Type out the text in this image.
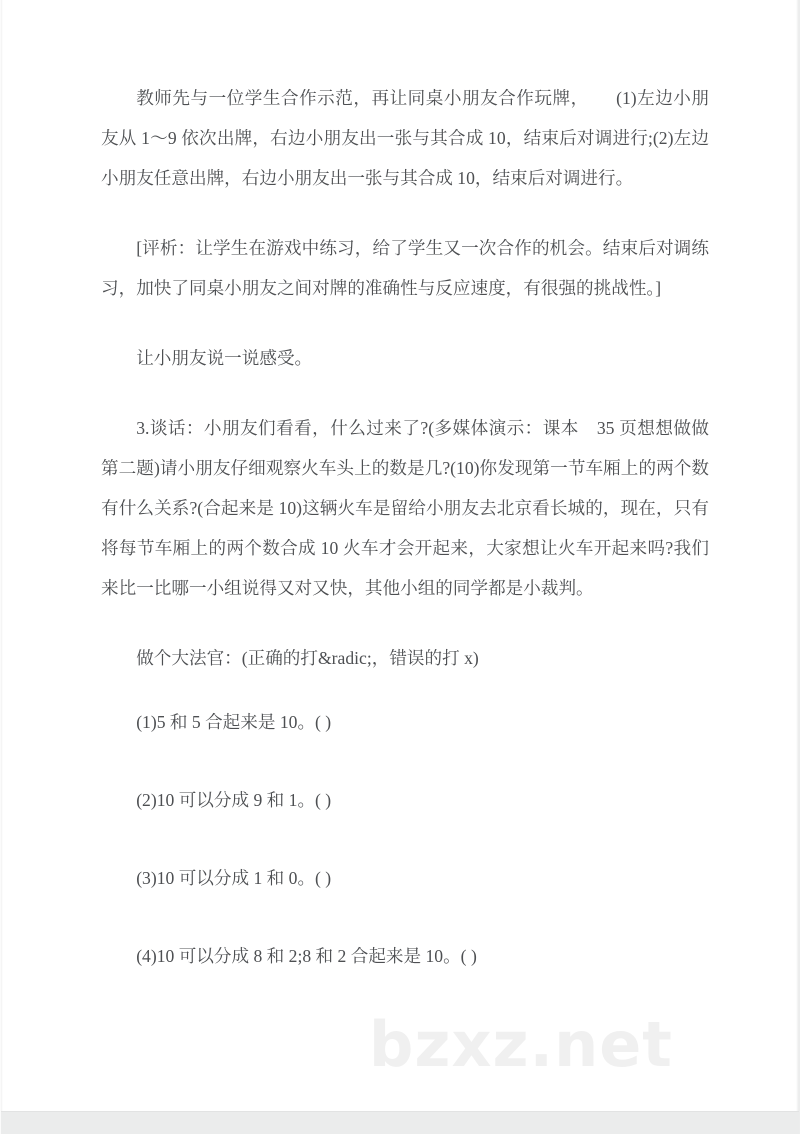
教师先与一位学生合作示范，再让同桌小朋友合作玩牌，　　(1)左边小朋友从 1～9 依次出牌，右边小朋友出一张与其合成 10，结束后对调进行;(2)左边小朋友任意出牌，右边小朋友出一张与其合成 10，结束后对调进行。

[评析：让学生在游戏中练习，给了学生又一次合作的机会。结束后对调练习，加快了同桌小朋友之间对牌的准确性与反应速度，有很强的挑战性。]

让小朋友说一说感受。

3.谈话：小朋友们看看，什么过来了?(多媒体演示：课本　35 页想想做做第二题)请小朋友仔细观察火车头上的数是几?(10)你发现第一节车厢上的两个数有什么关系?(合起来是 10)这辆火车是留给小朋友去北京看长城的，现在，只有将每节车厢上的两个数合成 10 火车才会开起来，大家想让火车开起来吗?我们来比一比哪一小组说得又对又快，其他小组的同学都是小裁判。

做个大法官：(正确的打&radic;，错误的打 x)

(1)5 和 5 合起来是 10。( )

(2)10 可以分成 9 和 1。( )

(3)10 可以分成 1 和 0。( )

(4)10 可以分成 8 和 2;8 和 2 合起来是 10。( )

bzxz.net
